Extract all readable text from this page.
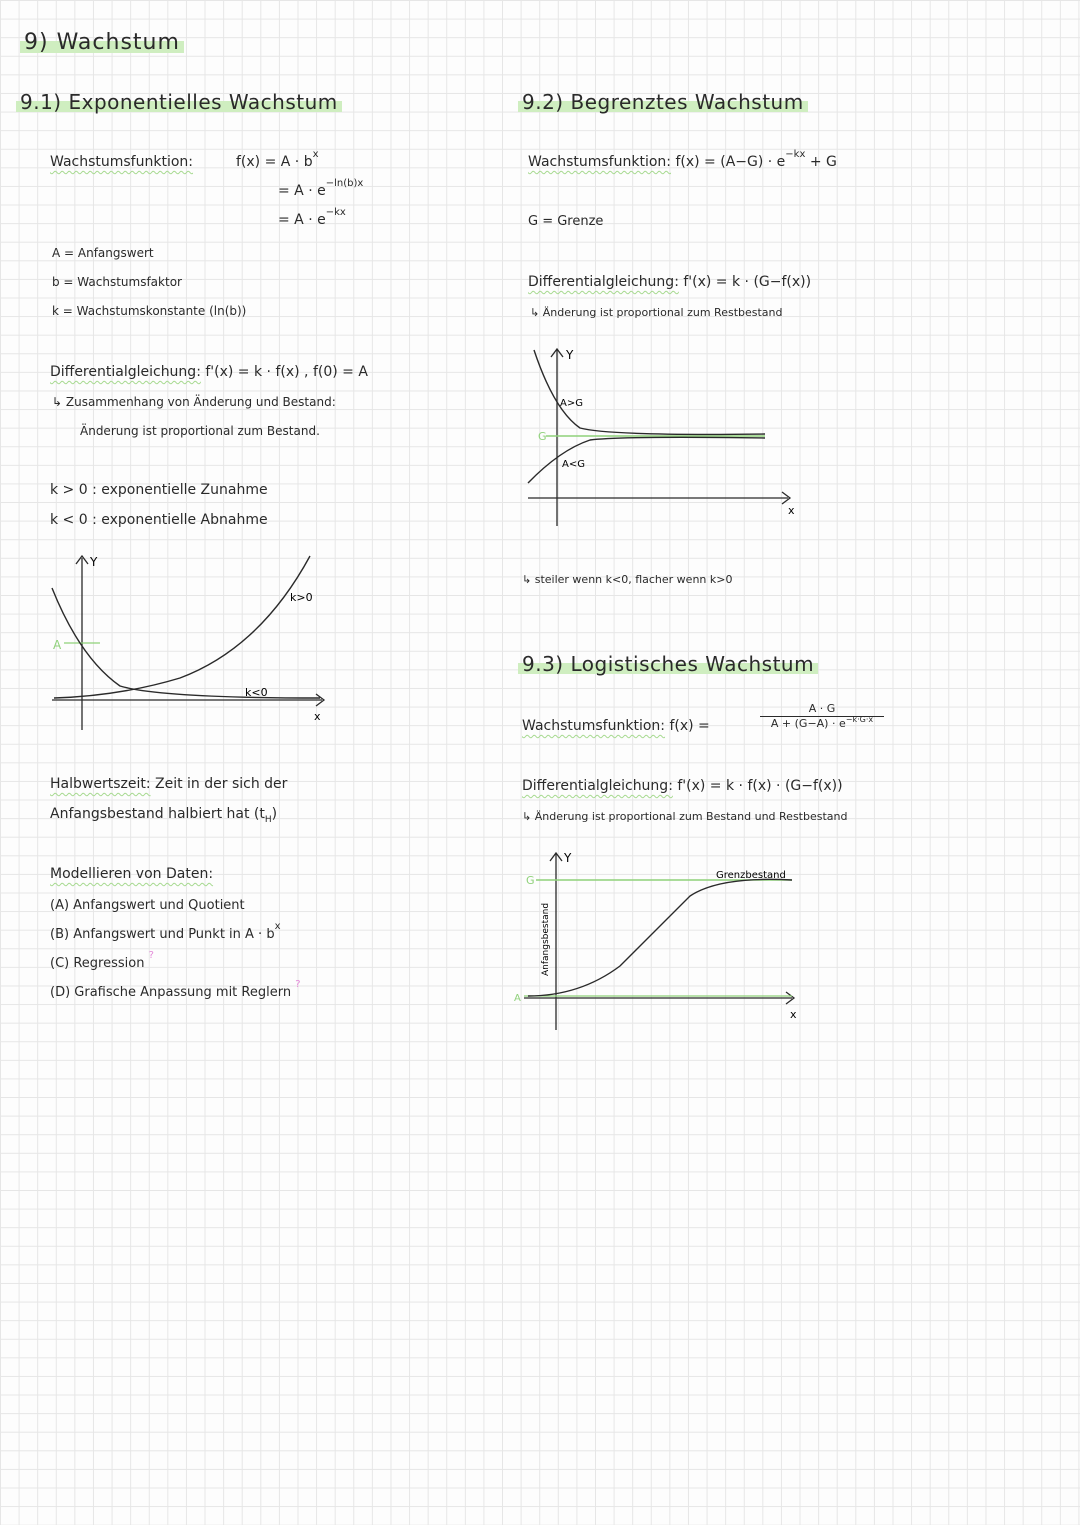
9) Wachstum
9.1) Exponentielles Wachstum
Wachstumsfunktion:	$f(x) = A \cdot b^x$
= $A \cdot e^{-ln(b)x}$
= $A \cdot e^{-kx}$
A = Anfangswert
b = Wachstumsfaktor
k = Wachstumskonstante (ln(b))
Differentialgleichung: f'(x) = k · f(x) , f(0) = A
↳ Zusammenhang von Änderung und Bestand:
Änderung ist proportional zum Bestand.
k > 0 : exponentielle Zunahme
k < 0 : exponentielle Abnahme
Y
x
A
k>0
k<0
Halbwertszeit: Zeit in der sich der
Anfangsbestand halbiert hat $(t_H)$
Modellieren von Daten:
(A) Anfangswert und Quotient
(B) Anfangswert und Punkt in $A \cdot b^x$
(C) Regression ?
(D) Grafische Anpassung mit Reglern ?
9.2) Begrenztes Wachstum
Wachstumsfunktion: $f(x) = (A-G) \cdot e^{-kx} + G$
G = Grenze
Differentialgleichung: f'(x) = k · (G−f(x))
↳ Änderung ist proportional zum Restbestand
Y
x
G
A>G
A<G
↳ steiler wenn k<0, flacher wenn k>0
9.3) Logistisches Wachstum
Wachstumsfunktion: f(x) =	$\frac{A \cdot G}{A + (G-A) \cdot e^{-k\cdot G\cdot x}}$
Differentialgleichung: f'(x) = k · f(x) · (G−f(x))
↳ Änderung ist proportional zum Bestand und Restbestand
Y
x
G
A
Grenzbestand
Anfangsbestand
